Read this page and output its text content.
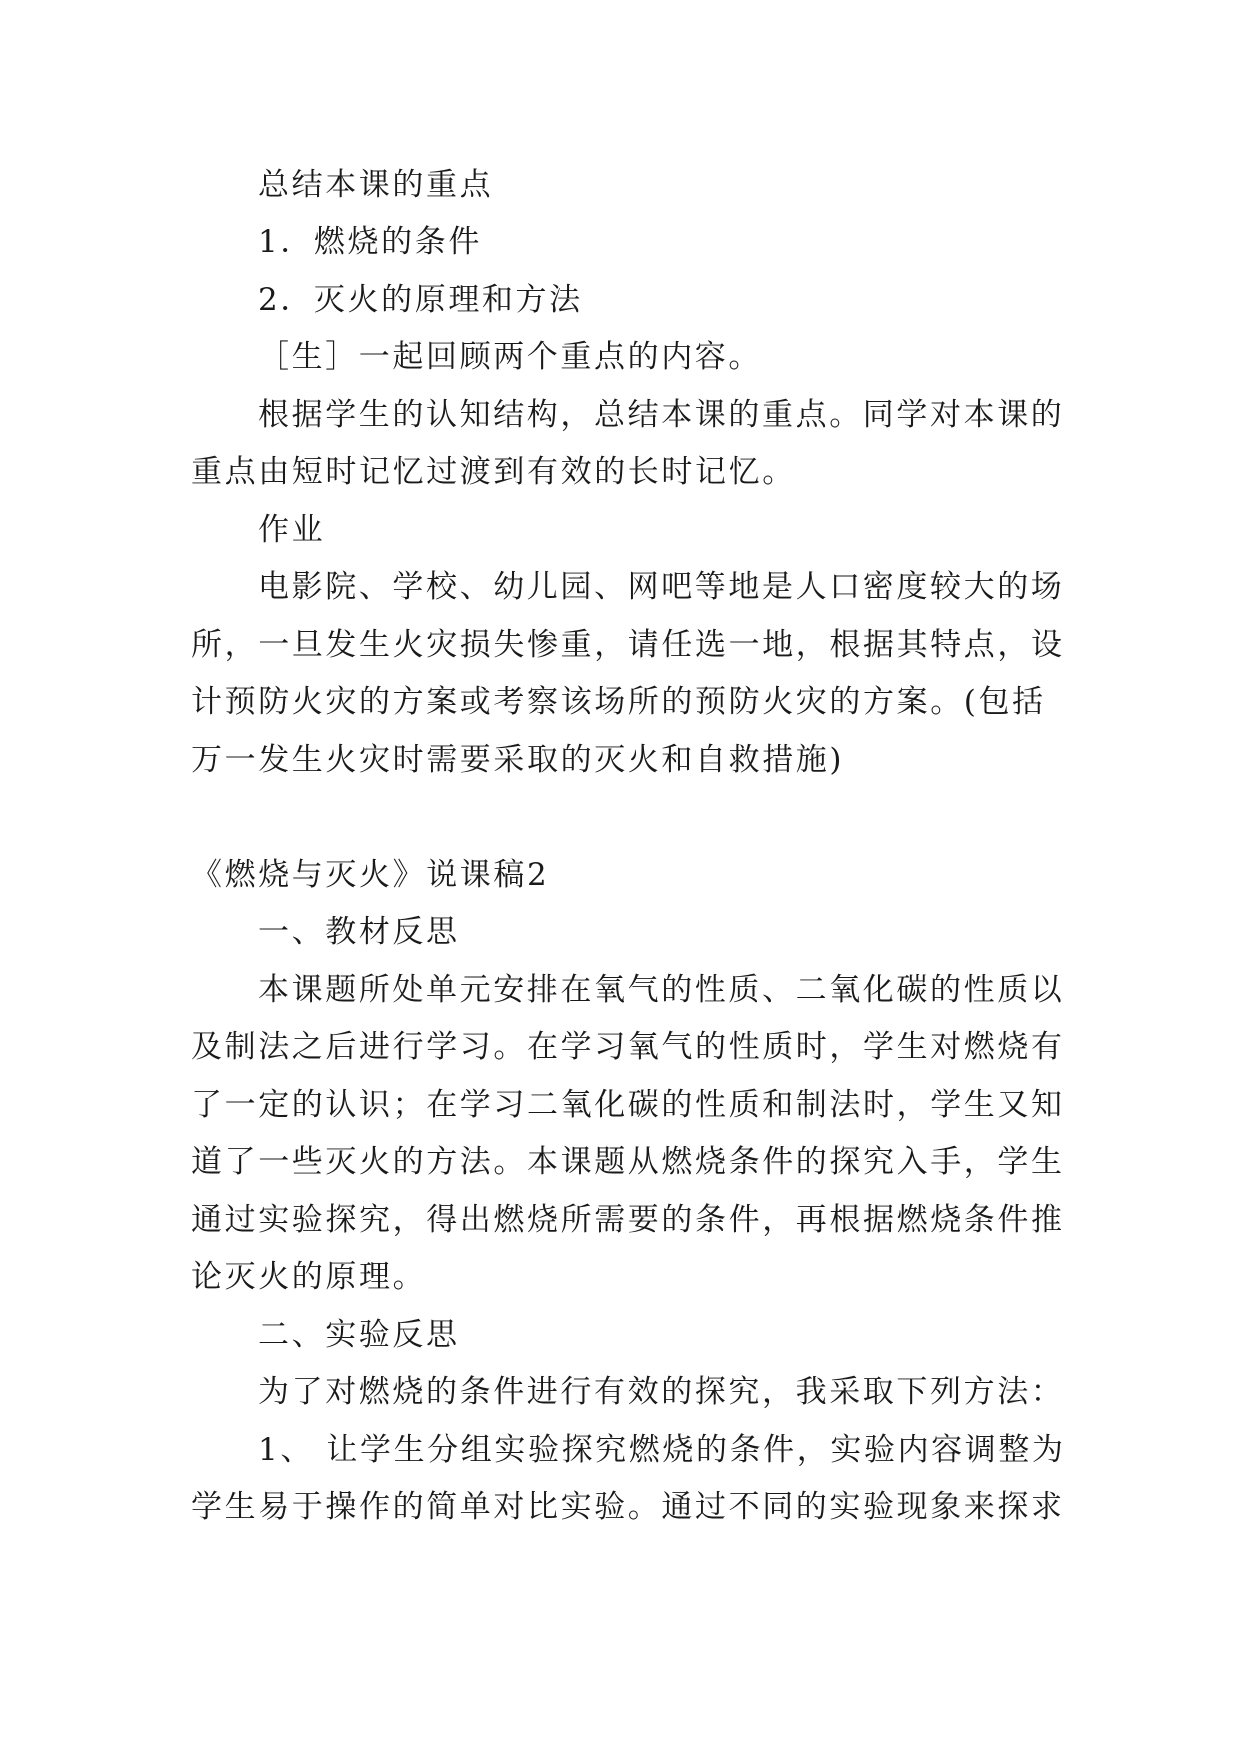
总结本课的重点
1．燃烧的条件
2．灭火的原理和方法
［生］一起回顾两个重点的内容。
根据学生的认知结构，总结本课的重点。同学对本课的
重点由短时记忆过渡到有效的长时记忆。
作业
电影院、学校、幼儿园、网吧等地是人口密度较大的场
所，一旦发生火灾损失惨重，请任选一地，根据其特点，设
计预防火灾的方案或考察该场所的预防火灾的方案。(包括
万一发生火灾时需要采取的灭火和自救措施)
《燃烧与灭火》说课稿2
一、教材反思
本课题所处单元安排在氧气的性质、二氧化碳的性质以
及制法之后进行学习。在学习氧气的性质时，学生对燃烧有
了一定的认识；在学习二氧化碳的性质和制法时，学生又知
道了一些灭火的方法。本课题从燃烧条件的探究入手，学生
通过实验探究，得出燃烧所需要的条件，再根据燃烧条件推
论灭火的原理。
二、实验反思
为了对燃烧的条件进行有效的探究，我采取下列方法：
1、 让学生分组实验探究燃烧的条件，实验内容调整为
学生易于操作的简单对比实验。通过不同的实验现象来探求
